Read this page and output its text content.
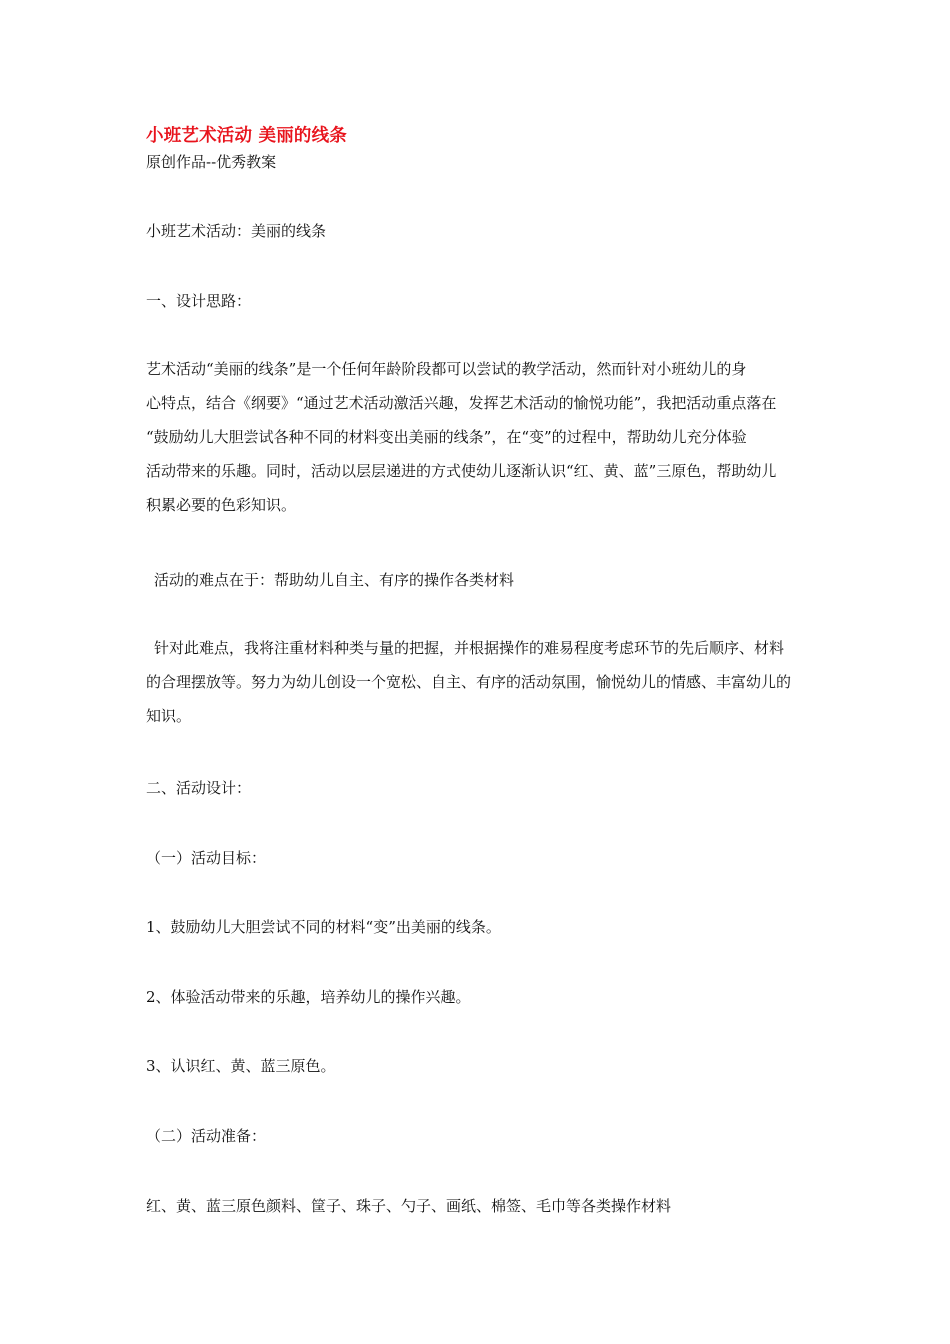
小班艺术活动 美丽的线条
原创作品--优秀教案
小班艺术活动：美丽的线条
一、设计思路：

艺术活动“美丽的线条”是一个任何年龄阶段都可以尝试的教学活动，然而针对小班幼儿的身

心特点，结合《纲要》“通过艺术活动激活兴趣，发挥艺术活动的愉悦功能”，我把活动重点落在

“鼓励幼儿大胆尝试各种不同的材料变出美丽的线条”，在“变”的过程中，帮助幼儿充分体验

活动带来的乐趣。同时，活动以层层递进的方式使幼儿逐渐认识“红、黄、蓝”三原色，帮助幼儿

积累必要的色彩知识。

活动的难点在于：帮助幼儿自主、有序的操作各类材料

针对此难点，我将注重材料种类与量的把握，并根据操作的难易程度考虑环节的先后顺序、材料

的合理摆放等。努力为幼儿创设一个宽松、自主、有序的活动氛围，愉悦幼儿的情感、丰富幼儿的

知识。

二、活动设计：
（一）活动目标：
1、鼓励幼儿大胆尝试不同的材料“变”出美丽的线条。
2、体验活动带来的乐趣，培养幼儿的操作兴趣。
3、认识红、黄、蓝三原色。
（二）活动准备：
红、黄、蓝三原色颜料、筐子、珠子、勺子、画纸、棉签、毛巾等各类操作材料
